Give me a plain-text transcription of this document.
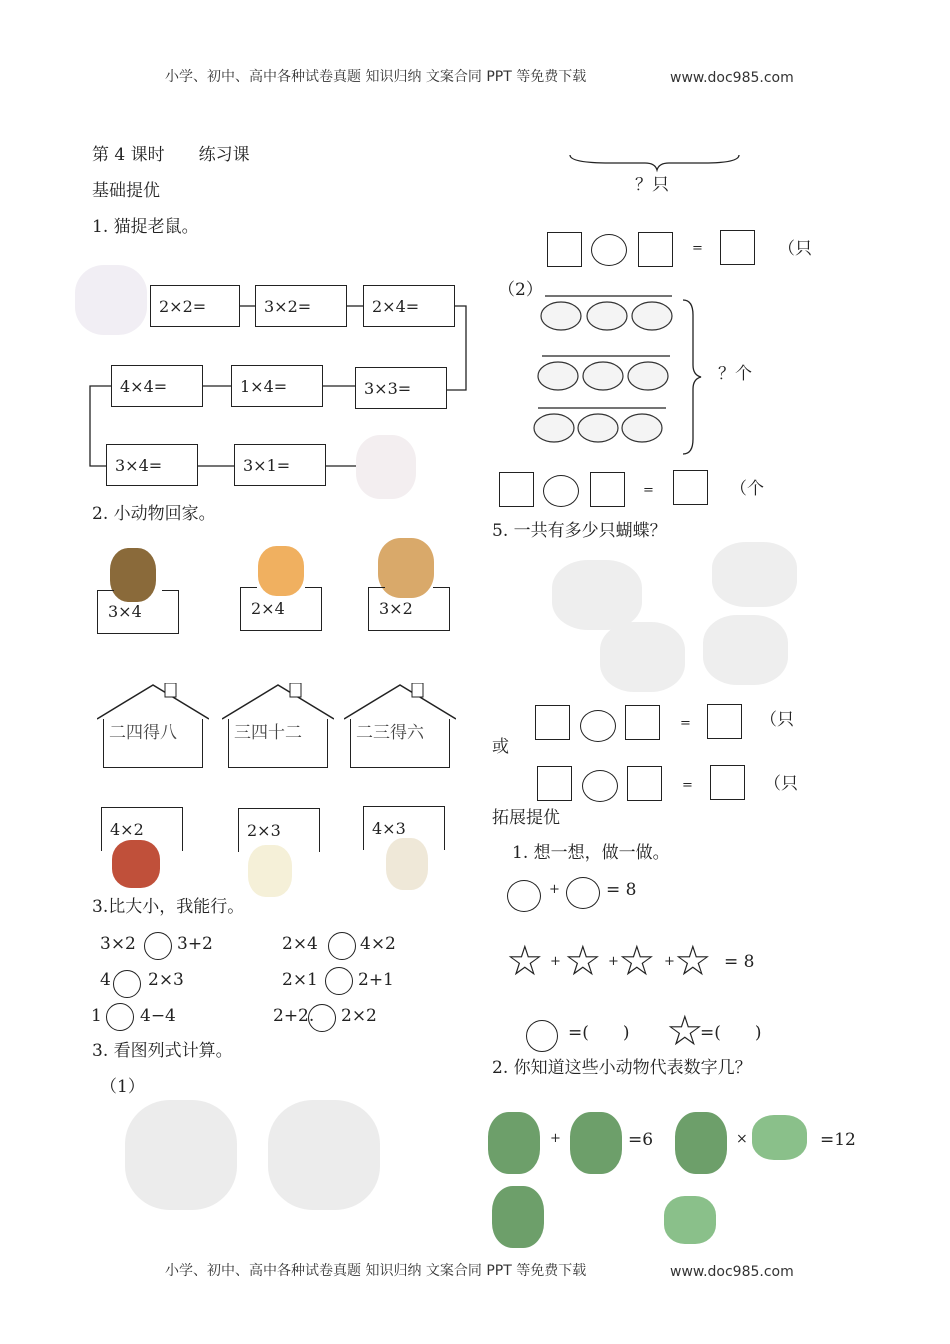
小学、初中、高中各种试卷真题 知识归纳 文案合同 PPT 等免费下载	www.doc985.com
第 4 课时　　练习课
基础提优
1. 猫捉老鼠。
2×2=	3×2=	2×4=
4×4=	1×4=	3×3=
3×4=	3×1=
2. 小动物回家。
3×4	2×4	3×2
二四得八	三四十二	二三得六
4×2	2×3	4×3
3.比大小，我能行。
3×2 3+2	2×4 4×2
4 2×3	2×1 2+1
1 4−4	2+2. 2×2
3. 看图列式计算。
（1）
？只
=	（只
（2）
？个
=	（个
5. 一共有多少只蝴蝶？
=	（只
或
=	（只
拓展提优
1. 想一想，做一做。
+	= 8
☆ + ☆ + ☆ + ☆ = 8
=(　　) ☆
=(　　)
2. 你知道这些小动物代表数字几？
+	=6	×	=12
小学、初中、高中各种试卷真题 知识归纳 文案合同 PPT 等免费下载	www.doc985.com
